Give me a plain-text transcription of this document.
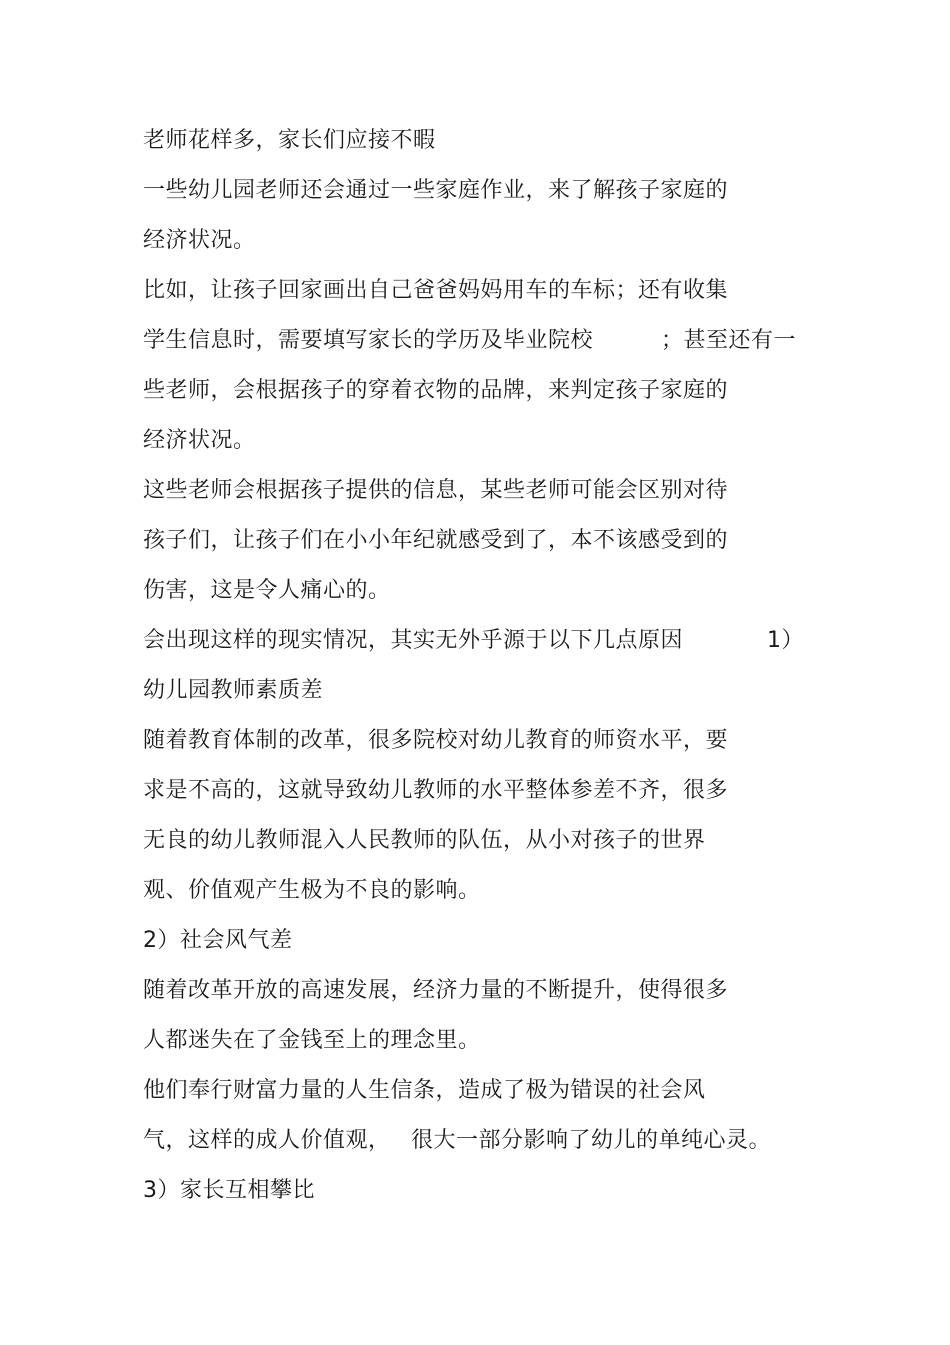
老师花样多，家长们应接不暇
一些幼儿园老师还会通过一些家庭作业，来了解孩子家庭的
经济状况。
比如，让孩子回家画出自己爸爸妈妈用车的车标；还有收集
学生信息时，需要填写家长的学历及毕业院校	；甚至还有一
些老师，会根据孩子的穿着衣物的品牌，来判定孩子家庭的
经济状况。
这些老师会根据孩子提供的信息，某些老师可能会区别对待
孩子们，让孩子们在小小年纪就感受到了，本不该感受到的
伤害，这是令人痛心的。
会出现这样的现实情况，其实无外乎源于以下几点原因	1）
幼儿园教师素质差
随着教育体制的改革，很多院校对幼儿教育的师资水平，要
求是不高的，这就导致幼儿教师的水平整体参差不齐，很多
无良的幼儿教师混入人民教师的队伍，从小对孩子的世界
观、价值观产生极为不良的影响。
2）社会风气差
随着改革开放的高速发展，经济力量的不断提升，使得很多
人都迷失在了金钱至上的理念里。
他们奉行财富力量的人生信条，造成了极为错误的社会风
气，这样的成人价值观， 很大一部分影响了幼儿的单纯心灵。
3）家长互相攀比
